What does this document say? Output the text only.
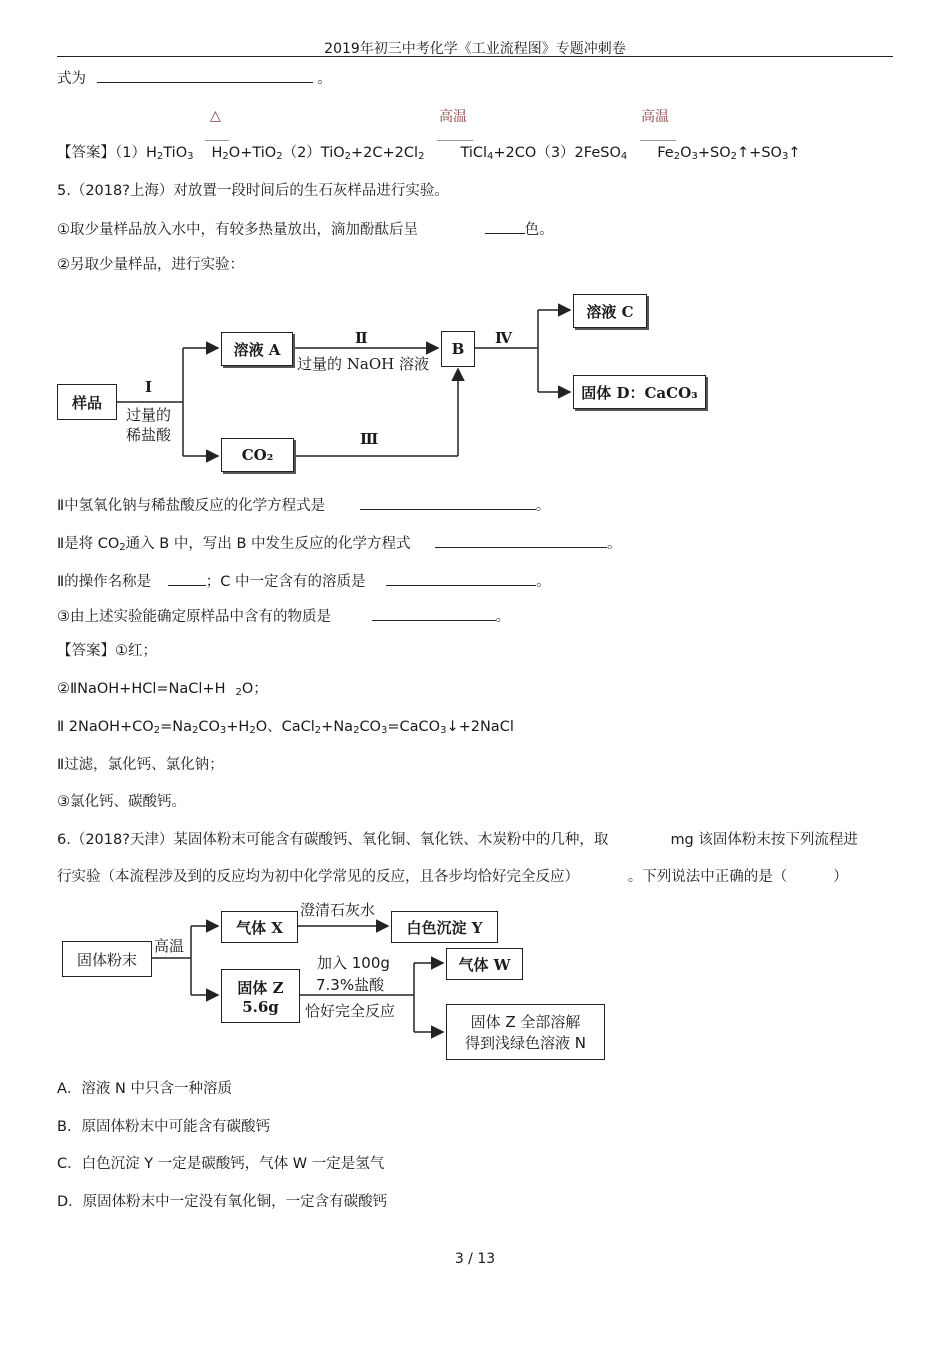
2019年初三中考化学《工业流程图》专题冲刺卷
式为	。
△	高温	高温
【答案】$(1)H_2TiO_3$ $H_2O+TiO_2(2)TiO_2+2C+2Cl_2$ TiCl$_4$+2CO（3）2FeSO$_4$ $Fe_2O_3+SO_2↑+SO_3↑$
5.（2018?上海）对放置一段时间后的生石灰样品进行实验。
①取少量样品放入水中，有较多热量放出，滴加酚酞后呈	色。
②另取少量样品，进行实验：
样品
Ⅰ
过量的
稀盐酸
溶液 A
CO₂
Ⅱ
过量的 NaOH 溶液
Ⅲ
B
Ⅳ
溶液 C
固体 D：CaCO₃
Ⅱ中氢氧化钠与稀盐酸反应的化学方程式是	。
Ⅱ是将 $CO_2$通入 B 中，写出 B 中发生反应的化学方程式	。
Ⅱ的操作名称是	；C 中一定含有的溶质是	。
③由上述实验能确定原样品中含有的物质是	。
【答案】①红；
②ⅡNaOH+HCl=NaCl+H $_2$O；
Ⅱ $2NaOH+CO_2=Na_2CO_3+H_2O$、$CaCl_2+Na_2CO_3=CaCO_3↓+2NaCl$
Ⅱ过滤，氯化钙、氯化钠；
③氯化钙、碳酸钙。
6.（2018?天津）某固体粉末可能含有碳酸钙、氧化铜、氧化铁、木炭粉中的几种，取	mg 该固体粉末按下列流程进
行实验（本流程涉及到的反应均为初中化学常见的反应，且各步均恰好完全反应）	。下列说法中正确的是（	）
固体粉末
高温
气体 X
澄清石灰水
白色沉淀 Y
固体 Z
5.6g
加入 100g
7.3%盐酸
恰好完全反应
气体 W
固体 Z 全部溶解
得到浅绿色溶液 N
A．溶液 N 中只含一种溶质
B．原固体粉末中可能含有碳酸钙
C．白色沉淀 Y 一定是碳酸钙，气体 W 一定是氢气
D．原固体粉末中一定没有氧化铜，一定含有碳酸钙
3 / 13
